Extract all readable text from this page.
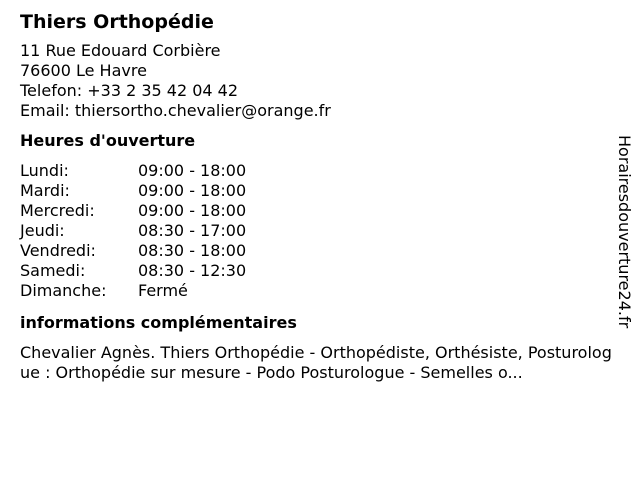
Thiers Orthopédie
11 Rue Edouard Corbière
76600 Le Havre
Telefon: +33 2 35 42 04 42
Email: thiersortho.chevalier@orange.fr
Heures d'ouverture
Lundi:	09:00 - 18:00
Mardi:	09:00 - 18:00
Mercredi:	09:00 - 18:00
Jeudi:	08:30 - 17:00
Vendredi:	08:30 - 18:00
Samedi:	08:30 - 12:30
Dimanche:	Fermé
informations complémentaires
Chevalier Agnès. Thiers Orthopédie - Orthopédiste, Orthésiste, Posturologue : Orthopédie sur mesure - Podo Posturologue - Semelles o...
Horairesdouverture24.fr
